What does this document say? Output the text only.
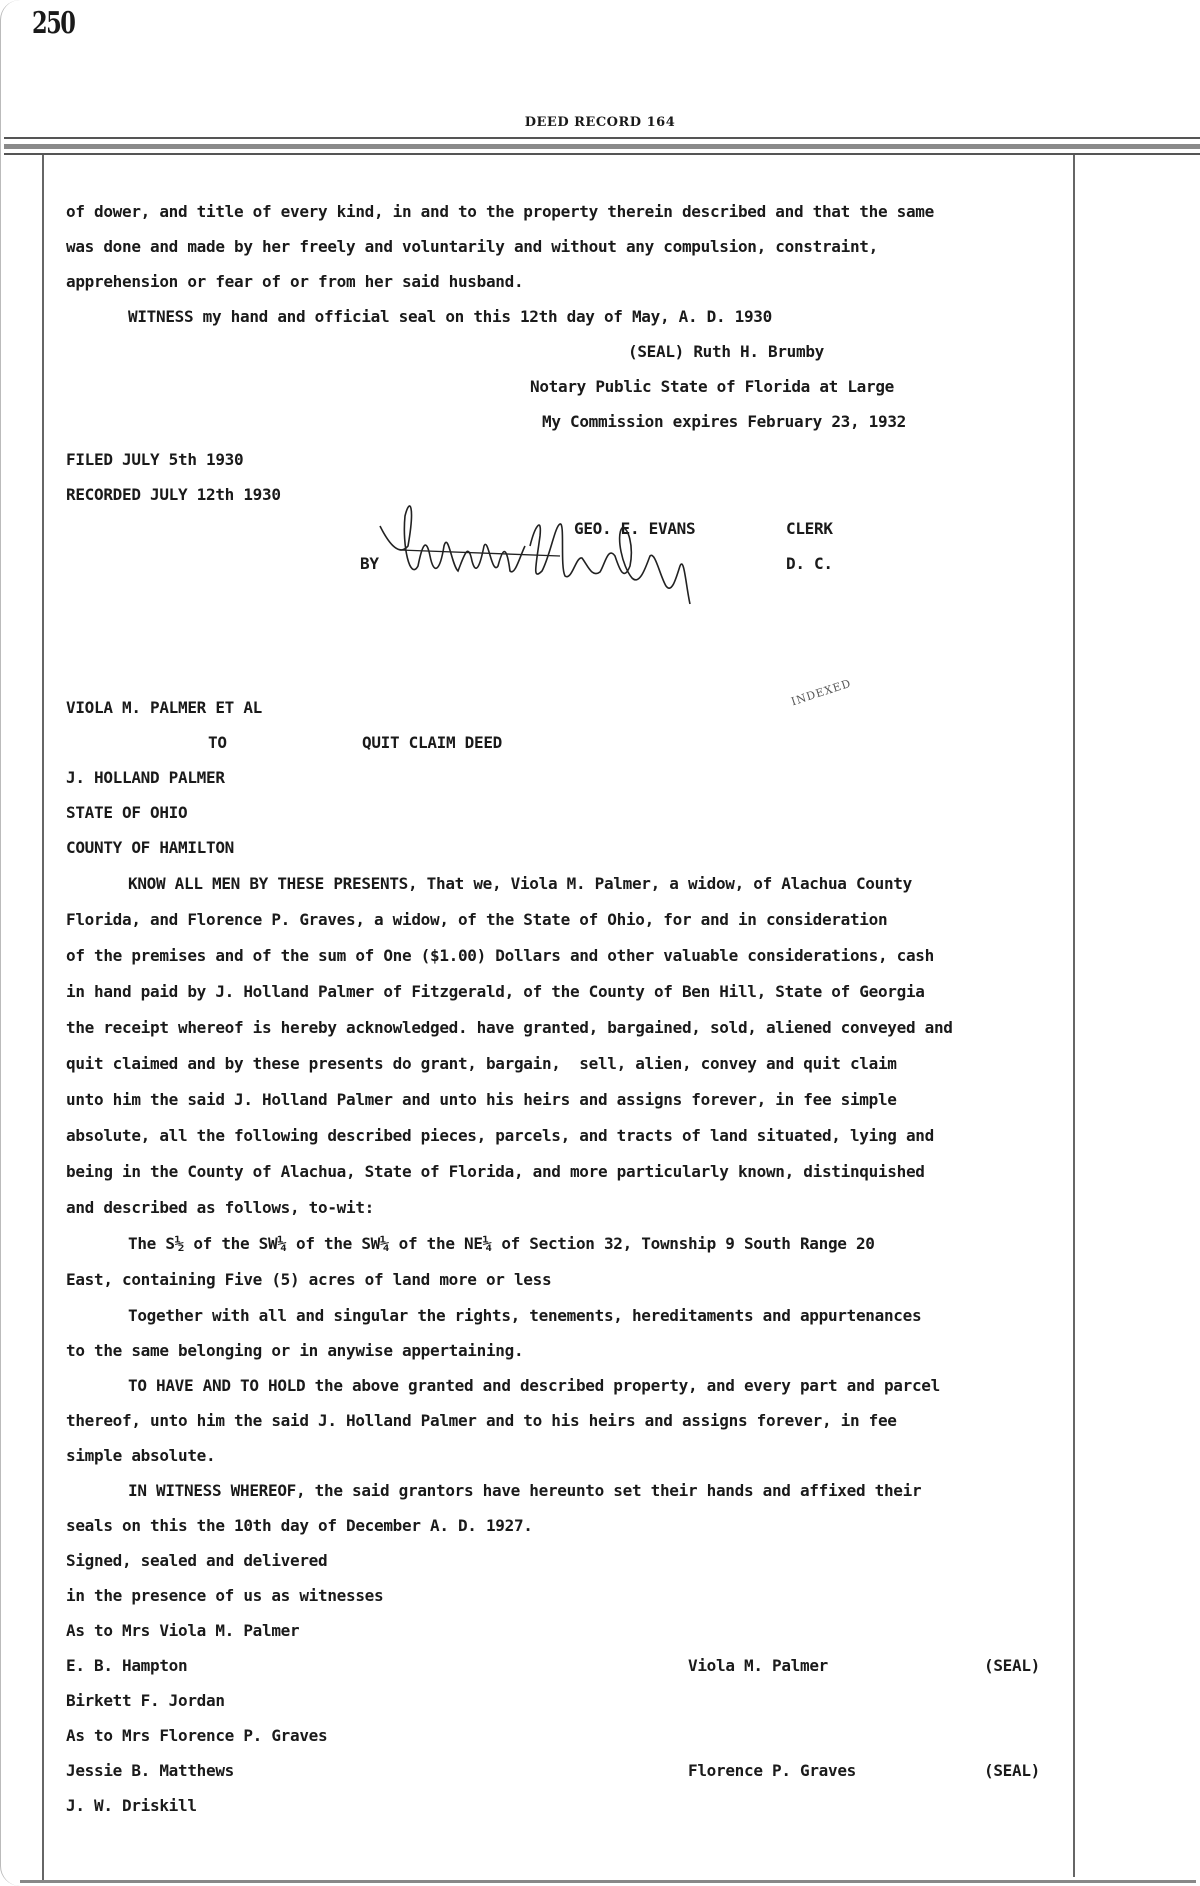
250
DEED RECORD 164
of dower, and title of every kind, in and to the property therein described and that the same
was done and made by her freely and voluntarily and without any compulsion, constraint,
apprehension or fear of or from her said husband.
WITNESS my hand and official seal on this 12th day of May, A. D. 1930
(SEAL) Ruth H. Brumby
Notary Public State of Florida at Large
My Commission expires February 23, 1932
FILED JULY 5th 1930
RECORDED JULY 12th 1930
GEO. E. EVANS	CLERK
BY	D. C.
INDEXED
VIOLA M. PALMER ET AL
TO	QUIT CLAIM DEED
J. HOLLAND PALMER
STATE OF OHIO
COUNTY OF HAMILTON
KNOW ALL MEN BY THESE PRESENTS, That we, Viola M. Palmer, a widow, of Alachua County
Florida, and Florence P. Graves, a widow, of the State of Ohio, for and in consideration
of the premises and of the sum of One ($1.00) Dollars and other valuable considerations, cash
in hand paid by J. Holland Palmer of Fitzgerald, of the County of Ben Hill, State of Georgia
the receipt whereof is hereby acknowledged. have granted, bargained, sold, aliened conveyed and
quit claimed and by these presents do grant, bargain,  sell, alien, convey and quit claim
unto him the said J. Holland Palmer and unto his heirs and assigns forever, in fee simple
absolute, all the following described pieces, parcels, and tracts of land situated, lying and
being in the County of Alachua, State of Florida, and more particularly known, distinquished
and described as follows, to-wit:
The S½ of the SW¼ of the SW¼ of the NE¼ of Section 32, Township 9 South Range 20
East, containing Five (5) acres of land more or less
Together with all and singular the rights, tenements, hereditaments and appurtenances
to the same belonging or in anywise appertaining.
TO HAVE AND TO HOLD the above granted and described property, and every part and parcel
thereof, unto him the said J. Holland Palmer and to his heirs and assigns forever, in fee
simple absolute.
IN WITNESS WHEREOF, the said grantors have hereunto set their hands and affixed their
seals on this the 10th day of December A. D. 1927.
Signed, sealed and delivered
in the presence of us as witnesses
As to Mrs Viola M. Palmer
E. B. Hampton	Viola M. Palmer	(SEAL)
Birkett F. Jordan
As to Mrs Florence P. Graves
Jessie B. Matthews	Florence P. Graves	(SEAL)
J. W. Driskill
